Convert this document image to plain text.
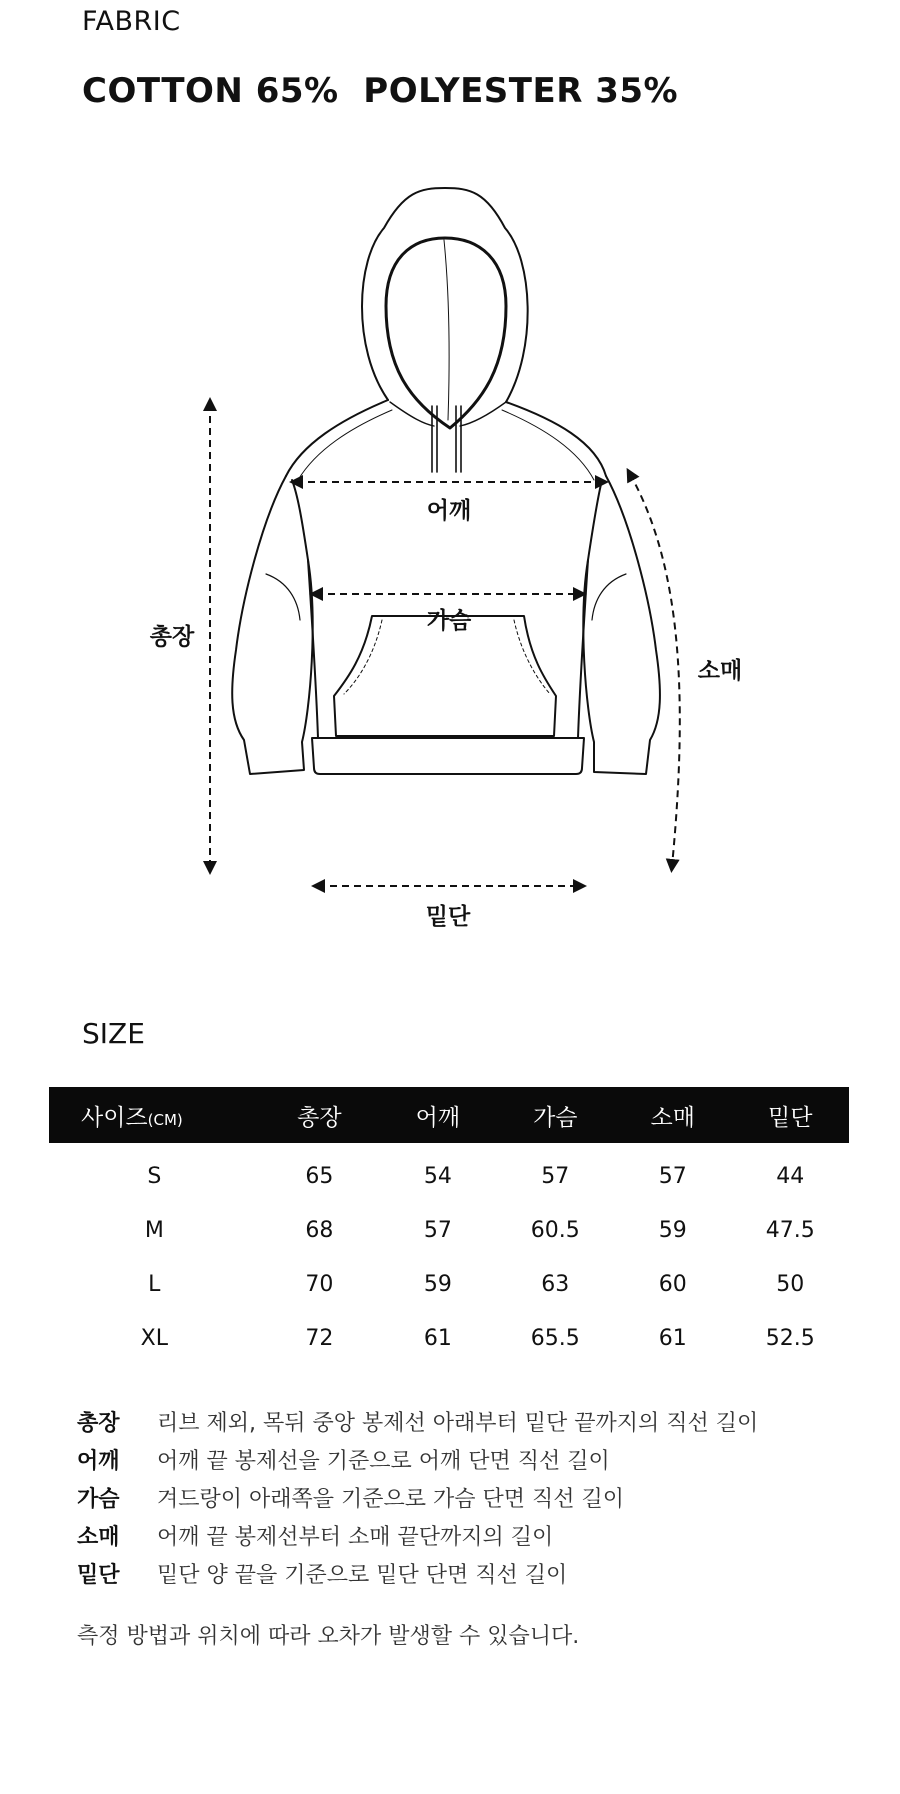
FABRIC
COTTON 65%  POLYESTER 35%
어깨
가슴
총장
소매
밑단
SIZE
사이즈(CM)	총장	어깨	가슴	소매	밑단
S	65	54	57	57	44
M	68	57	60.5	59	47.5
L	70	59	63	60	50
XL	72	61	65.5	61	52.5
총장	리브 제외, 목뒤 중앙 봉제선 아래부터 밑단 끝까지의 직선 길이
어깨	어깨 끝 봉제선을 기준으로 어깨 단면 직선 길이
가슴	겨드랑이 아래쪽을 기준으로 가슴 단면 직선 길이
소매	어깨 끝 봉제선부터 소매 끝단까지의 길이
밑단	밑단 양 끝을 기준으로 밑단 단면 직선 길이
측정 방법과 위치에 따라 오차가 발생할 수 있습니다.
